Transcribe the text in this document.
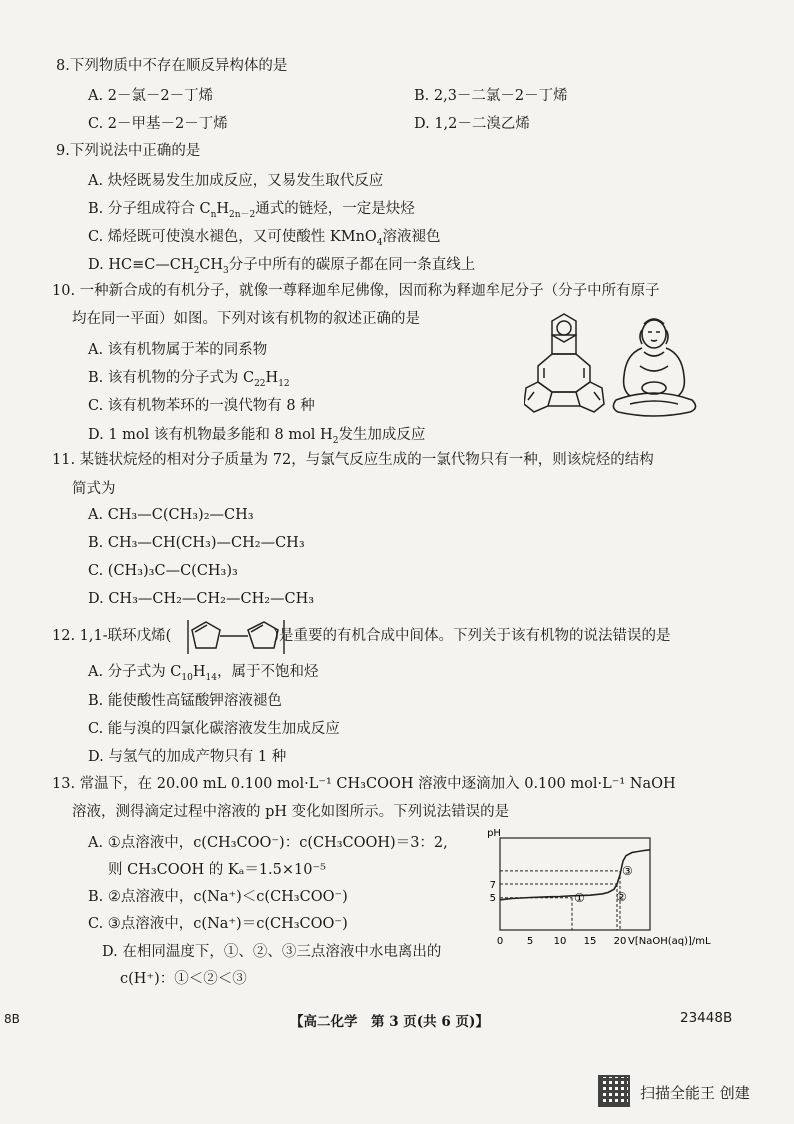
8.下列物质中不存在顺反异构体的是
A. 2－氯－2－丁烯	B. 2,3－二氯－2－丁烯
C. 2－甲基－2－丁烯	D. 1,2－二溴乙烯
9.下列说法中正确的是
A. 炔烃既易发生加成反应，又易发生取代反应
B. 分子组成符合 $C_nH_{2n-2}$通式的链烃，一定是炔烃
C. 烯烃既可使溴水褪色，又可使酸性 KMnO$_4$溶液褪色
D. $HC\equiv C—CH_2CH_3$分子中所有的碳原子都在同一条直线上
10. 一种新合成的有机分子，就像一尊释迦牟尼佛像，因而称为释迦牟尼分子（分子中所有原子
均在同一平面）如图。下列对该有机物的叙述正确的是
A. 该有机物属于苯的同系物
B. 该有机物的分子式为 $C_{22}H_{12}$
C. 该有机物苯环的一溴代物有 8 种
D. 1 mol 该有机物最多能和 8 mol $H_2$发生加成反应
11. 某链状烷烃的相对分子质量为 72，与氯气反应生成的一氯代物只有一种，则该烷烃的结构
简式为
A. CH₃—C(CH₃)₂—CH₃
B. CH₃—CH(CH₃)—CH₂—CH₃
C. (CH₃)₃C—C(CH₃)₃
D. CH₃—CH₂—CH₂—CH₂—CH₃
12. 1,1-联环戊烯(	)是重要的有机合成中间体。下列关于该有机物的说法错误的是
A. 分子式为 $C_{10}H_{14}$，属于不饱和烃
B. 能使酸性高锰酸钾溶液褪色
C. 能与溴的四氯化碳溶液发生加成反应
D. 与氢气的加成产物只有 1 种
13. 常温下，在 20.00 mL 0.100 mol·L⁻¹ CH₃COOH 溶液中逐滴加入 0.100 mol·L⁻¹ NaOH
溶液，测得滴定过程中溶液的 pH 变化如图所示。下列说法错误的是
A. ①点溶液中，c(CH₃COO⁻)：c(CH₃COOH)＝3：2,
则 CH₃COOH 的 Kₐ＝1.5×10⁻⁵
B. ②点溶液中，c(Na⁺)＜c(CH₃COO⁻)
C. ③点溶液中，c(Na⁺)＝c(CH₃COO⁻)
D. 在相同温度下，①、②、③三点溶液中水电离出的
c(H⁺)：①＜②＜③
pH
0 5 10 15 20 V[NaOH(aq)]/mL
5
7
①	②
③
8B	【高二化学　第 3 页(共 6 页)】	23448B
扫描全能王 创建
